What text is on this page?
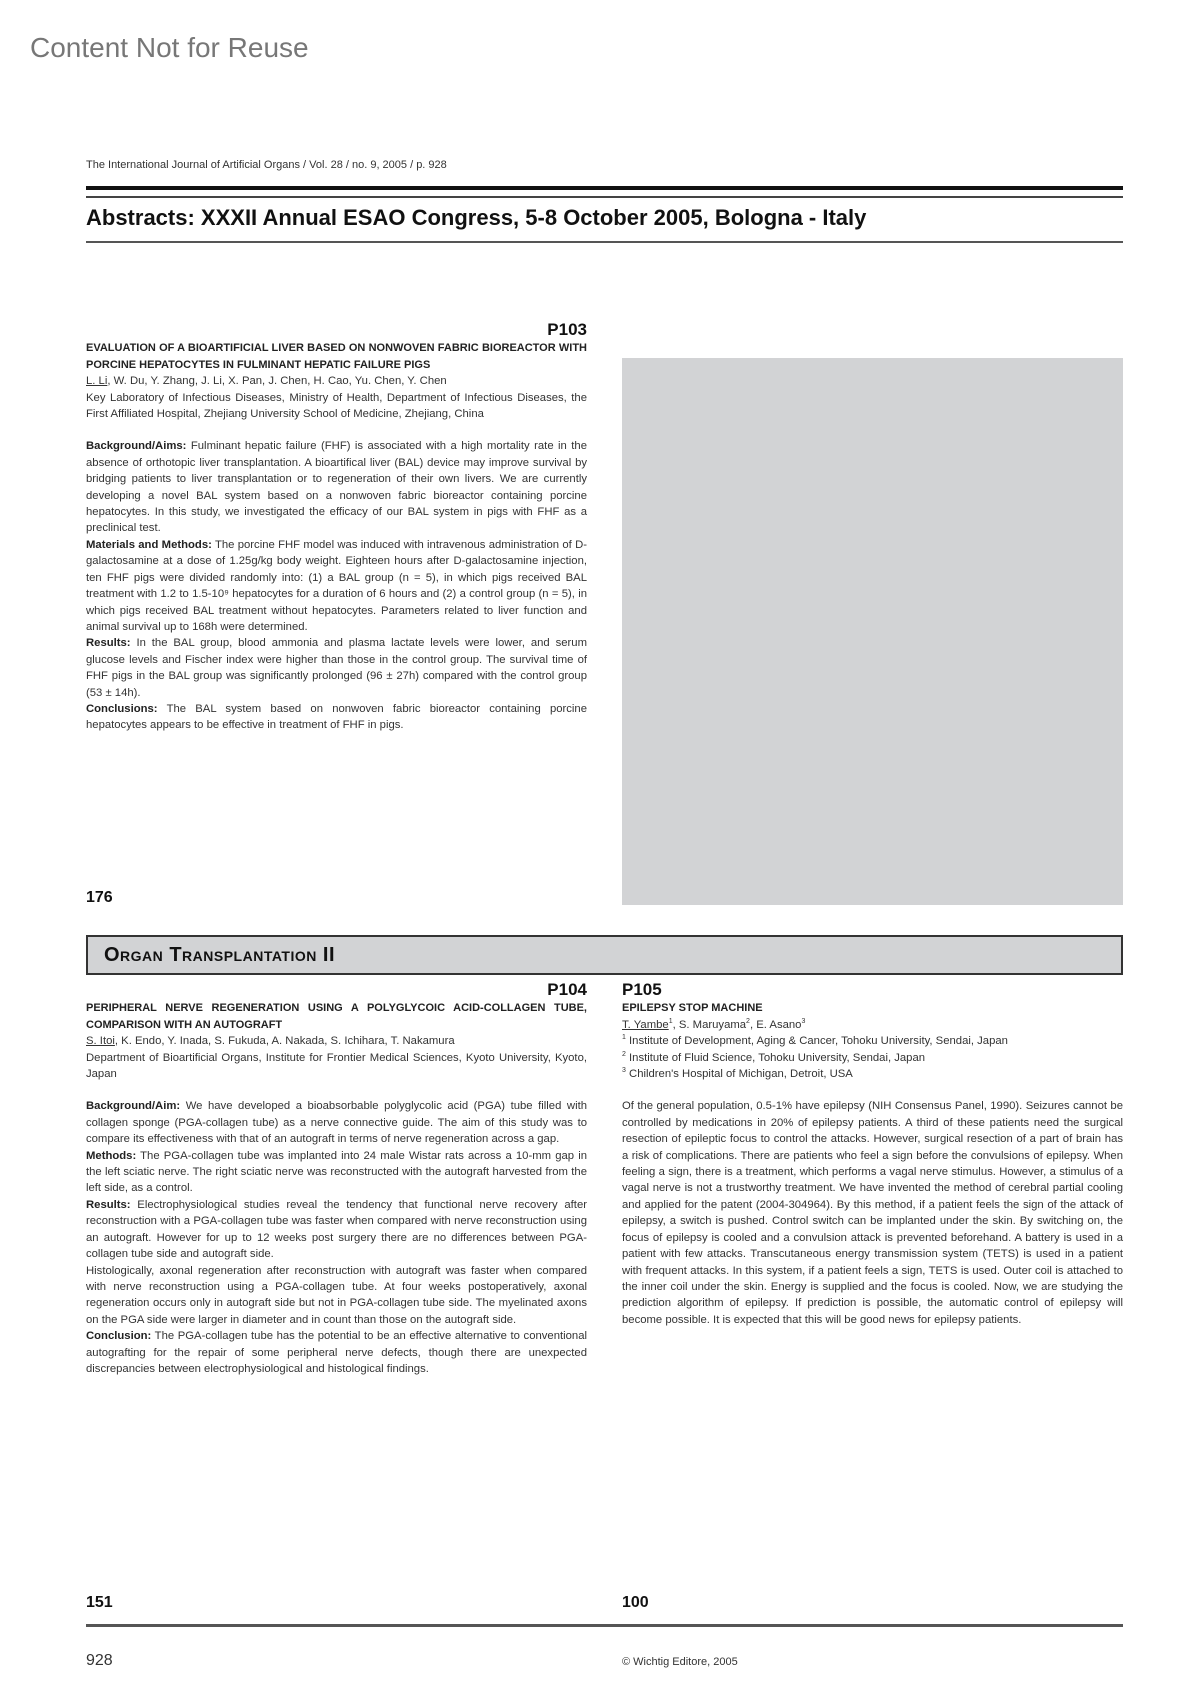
Content Not for Reuse
The International Journal of Artificial Organs / Vol. 28 / no. 9, 2005 / p. 928
Abstracts: XXXII Annual ESAO Congress, 5-8 October 2005, Bologna - Italy
P103
EVALUATION OF A BIOARTIFICIAL LIVER BASED ON NONWOVEN FABRIC BIOREACTOR WITH PORCINE HEPATOCYTES IN FULMINANT HEPATIC FAILURE PIGS
L. Li, W. Du, Y. Zhang, J. Li, X. Pan, J. Chen, H. Cao, Yu. Chen, Y. Chen

Key Laboratory of Infectious Diseases, Ministry of Health, Department of Infectious Diseases, the First Affiliated Hospital, Zhejiang University School of Medicine, Zhejiang, China

Background/Aims: Fulminant hepatic failure (FHF) is associated with a high mortality rate in the absence of orthotopic liver transplantation. A bioartifical liver (BAL) device may improve survival by bridging patients to liver transplantation or to regeneration of their own livers. We are currently developing a novel BAL system based on a nonwoven fabric bioreactor containing porcine hepatocytes. In this study, we investigated the efficacy of our BAL system in pigs with FHF as a preclinical test.

Materials and Methods: The porcine FHF model was induced with intravenous administration of D-galactosamine at a dose of 1.25g/kg body weight. Eighteen hours after D-galactosamine injection, ten FHF pigs were divided randomly into: (1) a BAL group (n = 5), in which pigs received BAL treatment with 1.2 to 1.5-10⁹ hepatocytes for a duration of 6 hours and (2) a control group (n = 5), in which pigs received BAL treatment without hepatocytes. Parameters related to liver function and animal survival up to 168h were determined.

Results: In the BAL group, blood ammonia and plasma lactate levels were lower, and serum glucose levels and Fischer index were higher than those in the control group. The survival time of FHF pigs in the BAL group was significantly prolonged (96 ± 27h) compared with the control group (53 ± 14h).

Conclusions: The BAL system based on nonwoven fabric bioreactor containing porcine hepatocytes appears to be effective in treatment of FHF in pigs.

176
Organ Transplantation II
P104
PERIPHERAL NERVE REGENERATION USING A POLYGLYCOIC ACID-COLLAGEN TUBE, COMPARISON WITH AN AUTOGRAFT
S. Itoi, K. Endo, Y. Inada, S. Fukuda, A. Nakada, S. Ichihara, T. Nakamura

Department of Bioartificial Organs, Institute for Frontier Medical Sciences, Kyoto University, Kyoto, Japan

Background/Aim: We have developed a bioabsorbable polyglycolic acid (PGA) tube filled with collagen sponge (PGA-collagen tube) as a nerve connective guide. The aim of this study was to compare its effectiveness with that of an autograft in terms of nerve regeneration across a gap.

Methods: The PGA-collagen tube was implanted into 24 male Wistar rats across a 10-mm gap in the left sciatic nerve. The right sciatic nerve was reconstructed with the autograft harvested from the left side, as a control.

Results: Electrophysiological studies reveal the tendency that functional nerve recovery after reconstruction with a PGA-collagen tube was faster when compared with nerve reconstruction using an autograft. However for up to 12 weeks post surgery there are no differences between PGA-collagen tube side and autograft side.

Histologically, axonal regeneration after reconstruction with autograft was faster when compared with nerve reconstruction using a PGA-collagen tube. At four weeks postoperatively, axonal regeneration occurs only in autograft side but not in PGA-collagen tube side. The myelinated axons on the PGA side were larger in diameter and in count than those on the autograft side.

Conclusion: The PGA-collagen tube has the potential to be an effective alternative to conventional autografting for the repair of some peripheral nerve defects, though there are unexpected discrepancies between electrophysiological and histological findings.

P105
EPILEPSY STOP MACHINE
T. Yambe$^1$, S. Maruyama$^2$, E. Asano$^3$
$^1$ Institute of Development, Aging & Cancer, Tohoku University, Sendai, Japan
$^2$ Institute of Fluid Science, Tohoku University, Sendai, Japan
$^3$ Children's Hospital of Michigan, Detroit, USA

Of the general population, 0.5-1% have epilepsy (NIH Consensus Panel, 1990). Seizures cannot be controlled by medications in 20% of epilepsy patients. A third of these patients need the surgical resection of epileptic focus to control the attacks. However, surgical resection of a part of brain has a risk of complications. There are patients who feel a sign before the convulsions of epilepsy. When feeling a sign, there is a treatment, which performs a vagal nerve stimulus. However, a stimulus of a vagal nerve is not a trustworthy treatment. We have invented the method of cerebral partial cooling and applied for the patent (2004-304964). By this method, if a patient feels the sign of the attack of epilepsy, a switch is pushed. Control switch can be implanted under the skin. By switching on, the focus of epilepsy is cooled and a convulsion attack is prevented beforehand. A battery is used in a patient with few attacks. Transcutaneous energy transmission system (TETS) is used in a patient with frequent attacks. In this system, if a patient feels a sign, TETS is used. Outer coil is attached to the inner coil under the skin. Energy is supplied and the focus is cooled. Now, we are studying the prediction algorithm of epilepsy. If prediction is possible, the automatic control of epilepsy will become possible. It is expected that this will be good news for epilepsy patients.

151	100
928	© Wichtig Editore, 2005
